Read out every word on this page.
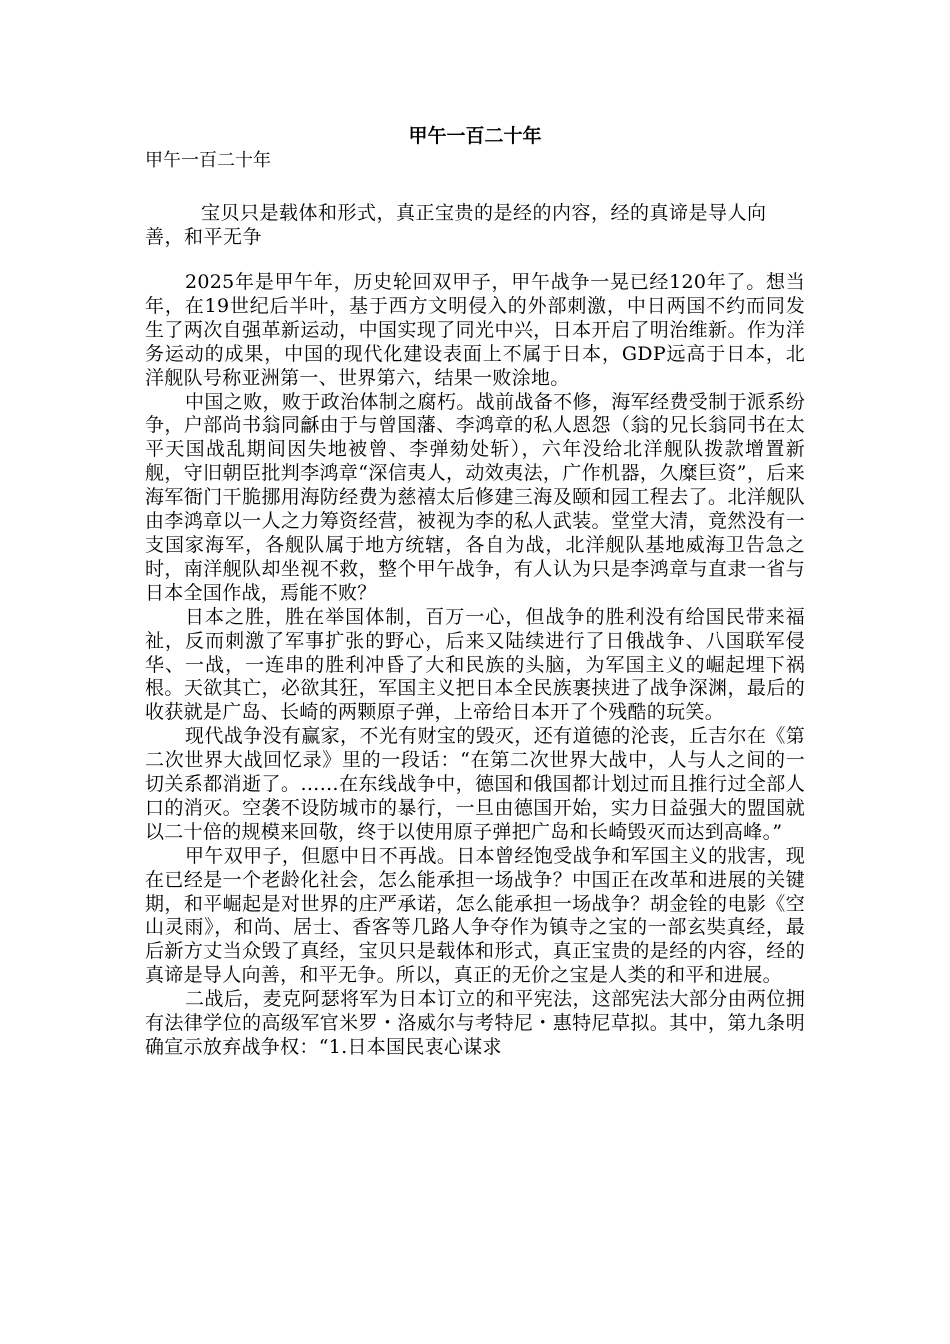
甲午一百二十年
甲午一百二十年

宝贝只是载体和形式，真正宝贵的是经的内容，经的真谛是导人向善，和平无争

2025年是甲午年，历史轮回双甲子，甲午战争一晃已经120年了。想当年，在19世纪后半叶，基于西方文明侵入的外部刺激，中日两国不约而同发生了两次自强革新运动，中国实现了同光中兴，日本开启了明治维新。作为洋务运动的成果，中国的现代化建设表面上不属于日本，GDP远高于日本，北洋舰队号称亚洲第一、世界第六，结果一败涂地。

中国之败，败于政治体制之腐朽。战前战备不修，海军经费受制于派系纷争，户部尚书翁同龢由于与曾国藩、李鸿章的私人恩怨（翁的兄长翁同书在太平天国战乱期间因失地被曾、李弹劾处斩），六年没给北洋舰队拨款增置新舰，守旧朝臣批判李鸿章“深信夷人，动效夷法，广作机器，久糜巨资”，后来海军衙门干脆挪用海防经费为慈禧太后修建三海及颐和园工程去了。北洋舰队由李鸿章以一人之力筹资经营，被视为李的私人武装。堂堂大清，竟然没有一支国家海军，各舰队属于地方统辖，各自为战，北洋舰队基地威海卫告急之时，南洋舰队却坐视不救，整个甲午战争，有人认为只是李鸿章与直隶一省与日本全国作战，焉能不败？

日本之胜，胜在举国体制，百万一心，但战争的胜利没有给国民带来福祉，反而刺激了军事扩张的野心，后来又陆续进行了日俄战争、八国联军侵华、一战，一连串的胜利冲昏了大和民族的头脑，为军国主义的崛起埋下祸根。天欲其亡，必欲其狂，军国主义把日本全民族裹挟进了战争深渊，最后的收获就是广岛、长崎的两颗原子弹，上帝给日本开了个残酷的玩笑。

现代战争没有赢家，不光有财宝的毁灭，还有道德的沦丧，丘吉尔在《第二次世界大战回忆录》里的一段话：“在第二次世界大战中，人与人之间的一切关系都消逝了。……在东线战争中，德国和俄国都计划过而且推行过全部人口的消灭。空袭不设防城市的暴行，一旦由德国开始，实力日益强大的盟国就以二十倍的规模来回敬，终于以使用原子弹把广岛和长崎毁灭而达到高峰。”

甲午双甲子，但愿中日不再战。日本曾经饱受战争和军国主义的戕害，现在已经是一个老龄化社会，怎么能承担一场战争？中国正在改革和进展的关键期，和平崛起是对世界的庄严承诺，怎么能承担一场战争？胡金铨的电影《空山灵雨》，和尚、居士、香客等几路人争夺作为镇寺之宝的一部玄奘真经，最后新方丈当众毁了真经，宝贝只是载体和形式，真正宝贵的是经的内容，经的真谛是导人向善，和平无争。所以，真正的无价之宝是人类的和平和进展。

二战后，麦克阿瑟将军为日本订立的和平宪法，这部宪法大部分由两位拥有法律学位的高级军官米罗・洛威尔与考特尼・惠特尼草拟。其中，第九条明确宣示放弃战争权：“1.日本国民衷心谋求
